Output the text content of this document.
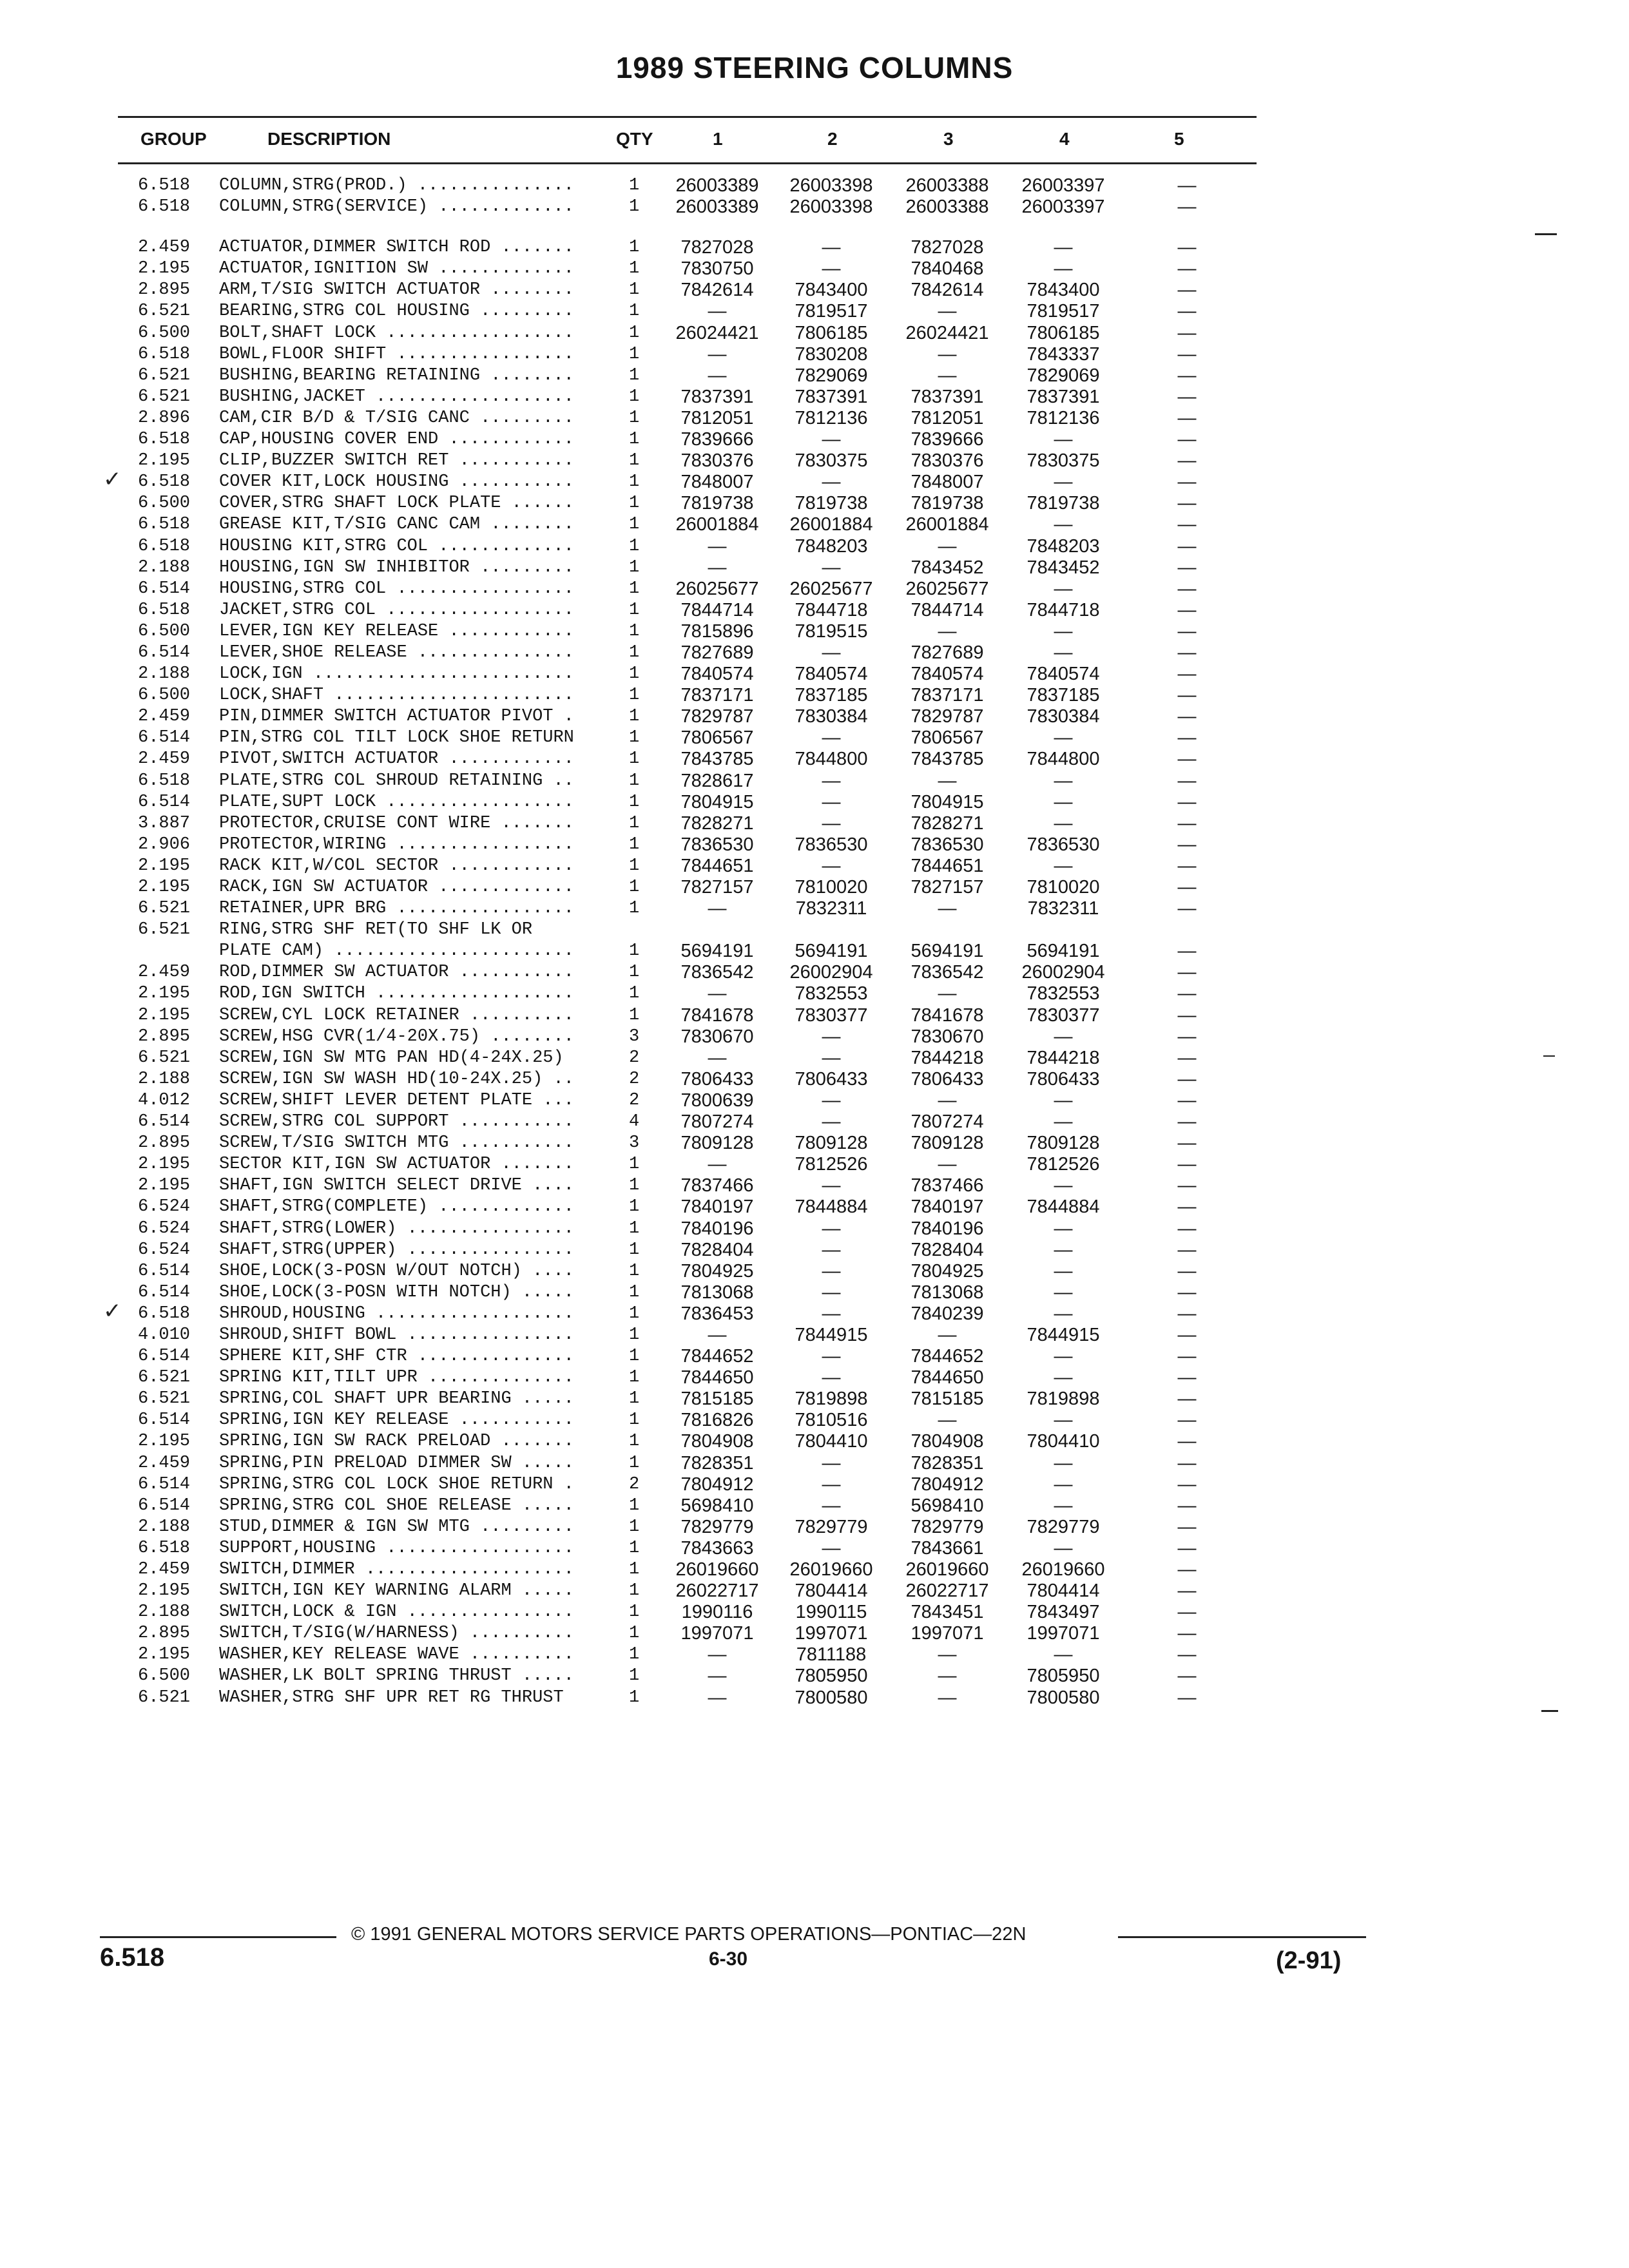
1989 STEERING COLUMNS
GROUP	DESCRIPTION	QTY	1	2	3	4	5
6.518 COLUMN,STRG(PROD.) ...............	1	26003389	26003398	26003388	26003397	—
6.518 COLUMN,STRG(SERVICE) .............	1	26003389	26003398	26003388	26003397	—
2.459 ACTUATOR,DIMMER SWITCH ROD .......	1	7827028	—	7827028	—	—
2.195 ACTUATOR,IGNITION SW .............	1	7830750	—	7840468	—	—
2.895 ARM,T/SIG SWITCH ACTUATOR ........	1	7842614	7843400	7842614	7843400	—
6.521 BEARING,STRG COL HOUSING .........	1	—	7819517	—	7819517	—
6.500 BOLT,SHAFT LOCK ..................	1	26024421	7806185	26024421	7806185	—
6.518 BOWL,FLOOR SHIFT .................	1	—	7830208	—	7843337	—
6.521 BUSHING,BEARING RETAINING ........	1	—	7829069	—	7829069	—
6.521 BUSHING,JACKET ...................	1	7837391	7837391	7837391	7837391	—
2.896 CAM,CIR B/D & T/SIG CANC .........	1	7812051	7812136	7812051	7812136	—
6.518 CAP,HOUSING COVER END ............	1	7839666	—	7839666	—	—
2.195 CLIP,BUZZER SWITCH RET ...........	1	7830376	7830375	7830376	7830375	—
6.518 COVER KIT,LOCK HOUSING ...........	1	7848007	—	7848007	—	—
✓
6.500 COVER,STRG SHAFT LOCK PLATE ......	1	7819738	7819738	7819738	7819738	—
6.518 GREASE KIT,T/SIG CANC CAM ........	1	26001884	26001884	26001884	—	—
6.518 HOUSING KIT,STRG COL .............	1	—	7848203	—	7848203	—
2.188 HOUSING,IGN SW INHIBITOR .........	1	—	—	7843452	7843452	—
6.514 HOUSING,STRG COL .................	1	26025677	26025677	26025677	—	—
6.518 JACKET,STRG COL ..................	1	7844714	7844718	7844714	7844718	—
6.500 LEVER,IGN KEY RELEASE ............	1	7815896	7819515	—	—	—
6.514 LEVER,SHOE RELEASE ...............	1	7827689	—	7827689	—	—
2.188 LOCK,IGN .........................	1	7840574	7840574	7840574	7840574	—
6.500 LOCK,SHAFT .......................	1	7837171	7837185	7837171	7837185	—
2.459 PIN,DIMMER SWITCH ACTUATOR PIVOT .	1	7829787	7830384	7829787	7830384	—
6.514 PIN,STRG COL TILT LOCK SHOE RETURN	1	7806567	—	7806567	—	—
2.459 PIVOT,SWITCH ACTUATOR ............	1	7843785	7844800	7843785	7844800	—
6.518 PLATE,STRG COL SHROUD RETAINING ..	1	7828617	—	—	—	—
6.514 PLATE,SUPT LOCK ..................	1	7804915	—	7804915	—	—
3.887 PROTECTOR,CRUISE CONT WIRE .......	1	7828271	—	7828271	—	—
2.906 PROTECTOR,WIRING .................	1	7836530	7836530	7836530	7836530	—
2.195 RACK KIT,W/COL SECTOR ............	1	7844651	—	7844651	—	—
2.195 RACK,IGN SW ACTUATOR .............	1	7827157	7810020	7827157	7810020	—
6.521 RETAINER,UPR BRG .................	1	—	7832311	—	7832311	—
6.521 RING,STRG SHF RET(TO SHF LK OR
PLATE CAM) .......................	1	5694191	5694191	5694191	5694191	—
2.459 ROD,DIMMER SW ACTUATOR ...........	1	7836542	26002904	7836542	26002904	—
2.195 ROD,IGN SWITCH ...................	1	—	7832553	—	7832553	—
2.195 SCREW,CYL LOCK RETAINER ..........	1	7841678	7830377	7841678	7830377	—
2.895 SCREW,HSG CVR(1/4-20X.75) ........	3	7830670	—	7830670	—	—
6.521 SCREW,IGN SW MTG PAN HD(4-24X.25)	2	—	—	7844218	7844218	—
2.188 SCREW,IGN SW WASH HD(10-24X.25) ..	2	7806433	7806433	7806433	7806433	—
4.012 SCREW,SHIFT LEVER DETENT PLATE ...	2	7800639	—	—	—	—
6.514 SCREW,STRG COL SUPPORT ...........	4	7807274	—	7807274	—	—
2.895 SCREW,T/SIG SWITCH MTG ...........	3	7809128	7809128	7809128	7809128	—
2.195 SECTOR KIT,IGN SW ACTUATOR .......	1	—	7812526	—	7812526	—
2.195 SHAFT,IGN SWITCH SELECT DRIVE ....	1	7837466	—	7837466	—	—
6.524 SHAFT,STRG(COMPLETE) .............	1	7840197	7844884	7840197	7844884	—
6.524 SHAFT,STRG(LOWER) ................	1	7840196	—	7840196	—	—
6.524 SHAFT,STRG(UPPER) ................	1	7828404	—	7828404	—	—
6.514 SHOE,LOCK(3-POSN W/OUT NOTCH) ....	1	7804925	—	7804925	—	—
6.514 SHOE,LOCK(3-POSN WITH NOTCH) .....	1	7813068	—	7813068	—	—
6.518 SHROUD,HOUSING ...................	1	7836453	—	7840239	—	—
✓
4.010 SHROUD,SHIFT BOWL ................	1	—	7844915	—	7844915	—
6.514 SPHERE KIT,SHF CTR ...............	1	7844652	—	7844652	—	—
6.521 SPRING KIT,TILT UPR ..............	1	7844650	—	7844650	—	—
6.521 SPRING,COL SHAFT UPR BEARING .....	1	7815185	7819898	7815185	7819898	—
6.514 SPRING,IGN KEY RELEASE ...........	1	7816826	7810516	—	—	—
2.195 SPRING,IGN SW RACK PRELOAD .......	1	7804908	7804410	7804908	7804410	—
2.459 SPRING,PIN PRELOAD DIMMER SW .....	1	7828351	—	7828351	—	—
6.514 SPRING,STRG COL LOCK SHOE RETURN .	2	7804912	—	7804912	—	—
6.514 SPRING,STRG COL SHOE RELEASE .....	1	5698410	—	5698410	—	—
2.188 STUD,DIMMER & IGN SW MTG .........	1	7829779	7829779	7829779	7829779	—
6.518 SUPPORT,HOUSING ..................	1	7843663	—	7843661	—	—
2.459 SWITCH,DIMMER ....................	1	26019660	26019660	26019660	26019660	—
2.195 SWITCH,IGN KEY WARNING ALARM .....	1	26022717	7804414	26022717	7804414	—
2.188 SWITCH,LOCK & IGN ................	1	1990116	1990115	7843451	7843497	—
2.895 SWITCH,T/SIG(W/HARNESS) ..........	1	1997071	1997071	1997071	1997071	—
2.195 WASHER,KEY RELEASE WAVE ..........	1	—	7811188	—	—	—
6.500 WASHER,LK BOLT SPRING THRUST .....	1	—	7805950	—	7805950	—
6.521 WASHER,STRG SHF UPR RET RG THRUST	1	—	7800580	—	7800580	—
© 1991 GENERAL MOTORS SERVICE PARTS OPERATIONS—PONTIAC—22N
6.518	6-30	(2-91)
